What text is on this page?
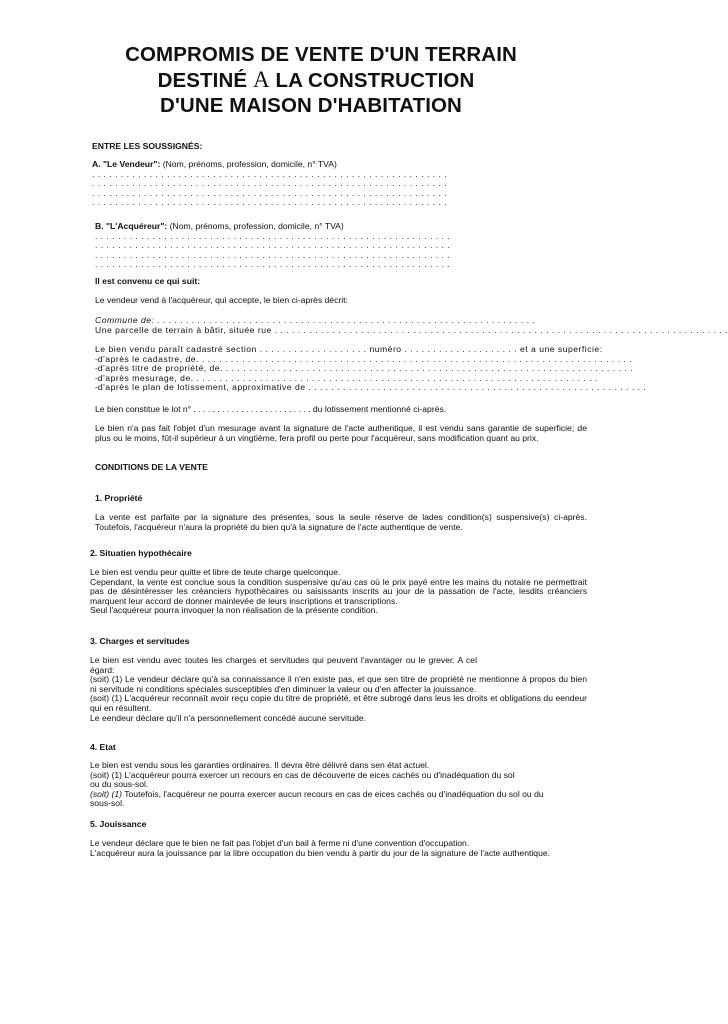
COMPROMIS DE VENTE D'UN TERRAIN
DESTINÉ A LA CONSTRUCTION
D'UNE MAISON D'HABITATION
ENTRE LES SOUSSIGNÉS:

A. "Le Vendeur": (Nom, prénoms, profession, domicile, n° TVA)

. . . . . . . . . . . . . . . . . . . . . . . . . . . . . . . . . . . . . . . . . . . . . . . . . . . . . . . . . . . . . .

. . . . . . . . . . . . . . . . . . . . . . . . . . . . . . . . . . . . . . . . . . . . . . . . . . . . . . . . . . . . . .

. . . . . . . . . . . . . . . . . . . . . . . . . . . . . . . . . . . . . . . . . . . . . . . . . . . . . . . . . . . . . .

. . . . . . . . . . . . . . . . . . . . . . . . . . . . . . . . . . . . . . . . . . . . . . . . . . . . . . . . . . . . . .

B. "L'Acquéreur": (Nom, prénoms, profession, domicile, n° TVA)

. . . . . . . . . . . . . . . . . . . . . . . . . . . . . . . . . . . . . . . . . . . . . . . . . . . . . . . . . . . . . .

. . . . . . . . . . . . . . . . . . . . . . . . . . . . . . . . . . . . . . . . . . . . . . . . . . . . . . . . . . . . . .

. . . . . . . . . . . . . . . . . . . . . . . . . . . . . . . . . . . . . . . . . . . . . . . . . . . . . . . . . . . . . .

. . . . . . . . . . . . . . . . . . . . . . . . . . . . . . . . . . . . . . . . . . . . . . . . . . . . . . . . . . . . . .

Il est convenu ce qui suit:
Le vendeur vend à l'acquéreur, qui accepte, le bien ci-après décrit:

Commune de: . . . . . . . . . . . . . . . . . . . . . . . . . . . . . . . . . . . . . . . . . . . . . . . . . . . . . . . . . . . . . . . . . .

Une parcelle de terrain à bâtir, située rue . . . . . . . . . . . . . . . . . . . . . . . . . . . . . . . . . . . . . . . . . . . . . . . . . . . . . . . . . . . . . . . . . . . . . . . . . . . . . . .

Le bien vendu paraît cadastré section . . . . . . . . . . . . . . . . . . . numéro . . . . . . . . . . . . . . . . . . . . et a une superficie:

- d'après le cadastre, de. . . . . . . . . . . . . . . . . . . . . . . . . . . . . . . . . . . . . . . . . . . . . . . . . . . . . . . . . . . . . . . . . . . . . . . . . . . .
- d'après titre de propriété, de. . . . . . . . . . . . . . . . . . . . . . . . . . . . . . . . . . . . . . . . . . . . . . . . . . . . . . . . . . . . . . . . . . . . . . . .
- d'après mesurage, de. . . . . . . . . . . . . . . . . . . . . . . . . . . . . . . . . . . . . . . . . . . . . . . . . . . . . . . . . . . . . . . . . . . . . . .
- d'après le plan de lotissement, approximative de . . . . . . . . . . . . . . . . . . . . . . . . . . . . . . . . . . . . . . . . . . . . . . . . . . . . . . . . . . .
Le bien constitue le lot n° . . . . . . . . . . . . . . . . . . . . . . . . . du lotissement mentionné ci-après.
Le bien n'a pas fait l'objet d'un mesurage avant la signature de l'acte authentique, il est vendu sans garantie de superficie; de plus ou le moins, fût-il supérieur à un vingtième, fera profil ou perte pour l'acquéreur, sans modification quant au prix.
CONDITIONS DE LA VENTE
1. Propriété
La vente est parfaite par la signature des présentes, sous la seule réserve de lades condition(s) suspensive(s) ci-après. Toutefois, l'acquéreur n'aura la propriété du bien qu'à la signature de l'acte authentique de vente.
2. Situatien hypothécaire

Le bien est vendu peur quitte et libre de teute charge quelconque.

Cependant, la vente est conclue sous la condition suspensive qu'au cas où le prix payé entre les mains du notaire ne permettrait pas de désintéresser les créanciers hypothécaires ou saisissants inscrits au jour de la passation de l'acte, lesdits créanciers marquent leur accord de donner mainlevée de leurs inscriptions et transcriptions.

Seul l'acquéreur pourra invoquer la non réalisation de la présente condition.

3. Charges et servitudes

Le bien est vendu avec toutes les charges et servitudes qui peuvent l'avantager ou le grever. A cel égard:

(soit) (1) Le vendeur déclare qu'à sa connaissance il n'en existe pas, et que sen titre de propriété ne mentionne à propos du bien ni servitude ni conditions spéciales susceptibles d'en diminuer la valeur ou d'en affecter la jouissance.

(soit) (1) L'acquéreur reconnaît avoir reçu copie du titre de propriété, et être subrogé dans leus les droits et obligations du eendeur qui en résultent.

Le eendeur déclare qu'il n'a personnellement concédé aucune servitude.

4. Etat

Le bien est vendu sous les garanties ordinaires. Il devra être délivré dans sen état actuel.

(soit) (1) L'acquéreur pourra exercer un recours en cas de découverte de eices cachés ou d'inadéquation du sol ou du sous-sol.

(soit) (1) Toutefois, l'acquéreur ne pourra exercer aucun recours en cas de eices cachés ou d'inadéquation du sol ou du sous-sol.

5. Jouissance

Le vendeur déclare que le bien ne fait pas l'objet d'un bail à ferme ni d'une convention d'occupation.

L'acquéreur aura la jouissance par la libre occupation du bien vendu à partir du jour de la signature de l'acte authentique.
